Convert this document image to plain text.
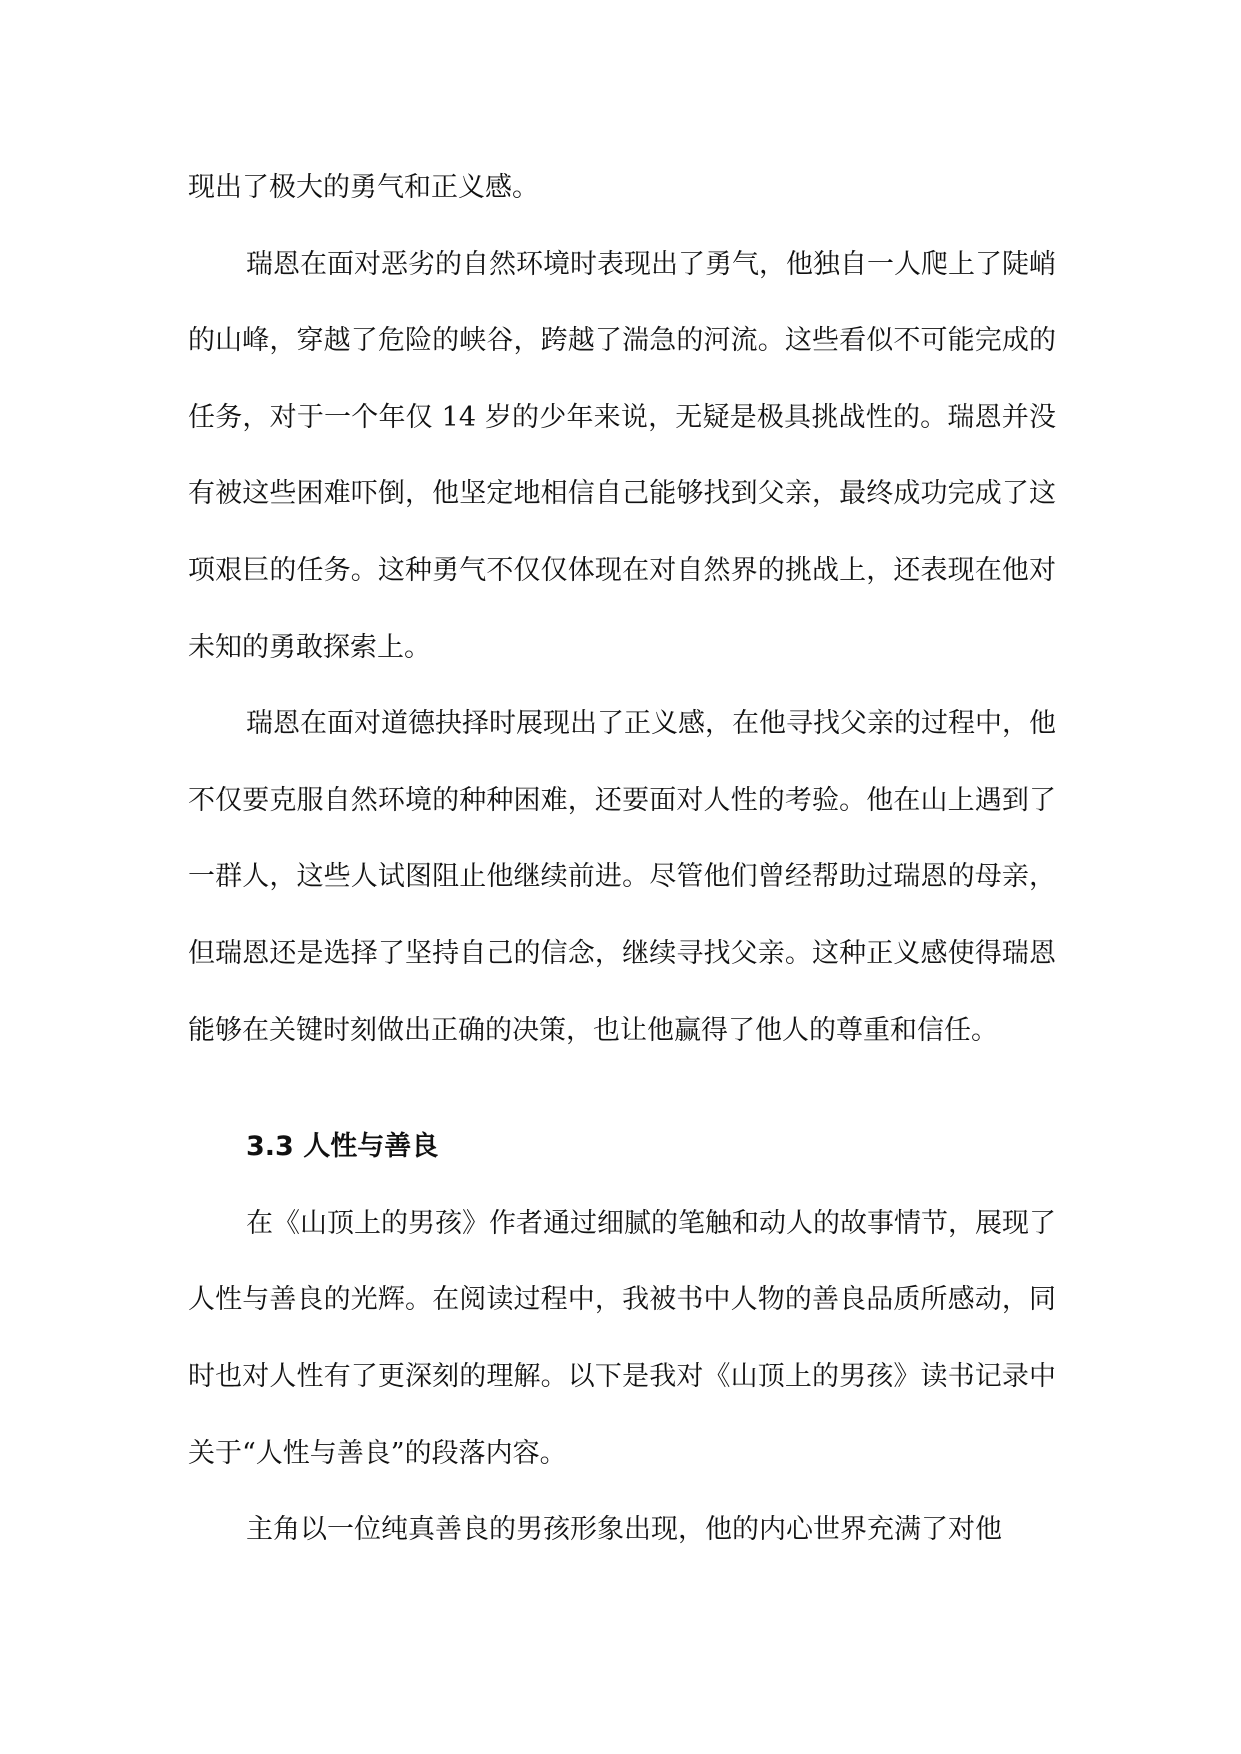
现出了极大的勇气和正义感。

瑞恩在面对恶劣的自然环境时表现出了勇气，他独自一人爬上了陡峭的山峰，穿越了危险的峡谷，跨越了湍急的河流。这些看似不可能完成的任务，对于一个年仅 14 岁的少年来说，无疑是极具挑战性的。瑞恩并没有被这些困难吓倒，他坚定地相信自己能够找到父亲，最终成功完成了这项艰巨的任务。这种勇气不仅仅体现在对自然界的挑战上，还表现在他对未知的勇敢探索上。

瑞恩在面对道德抉择时展现出了正义感，在他寻找父亲的过程中，他不仅要克服自然环境的种种困难，还要面对人性的考验。他在山上遇到了一群人，这些人试图阻止他继续前进。尽管他们曾经帮助过瑞恩的母亲，但瑞恩还是选择了坚持自己的信念，继续寻找父亲。这种正义感使得瑞恩能够在关键时刻做出正确的决策，也让他赢得了他人的尊重和信任。

3.3 人性与善良

在《山顶上的男孩》作者通过细腻的笔触和动人的故事情节，展现了人性与善良的光辉。在阅读过程中，我被书中人物的善良品质所感动，同时也对人性有了更深刻的理解。以下是我对《山顶上的男孩》读书记录中关于“人性与善良”的段落内容。

主角以一位纯真善良的男孩形象出现，他的内心世界充满了对他
